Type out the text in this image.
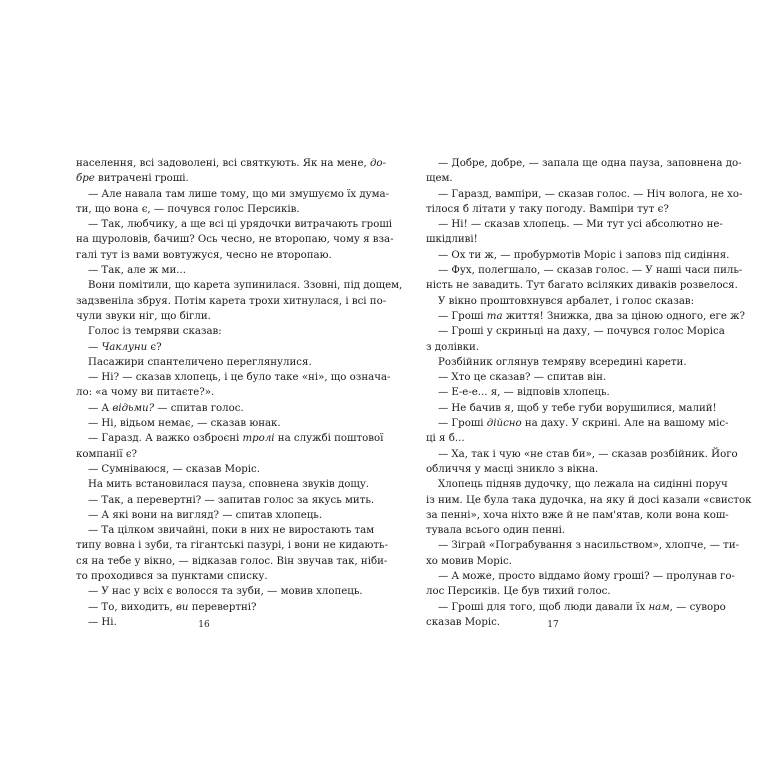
населення, всі задоволені, всі святкують. Як на мене, до-
бре витрачені гроші.
— Але навала там лише тому, що ми змушуємо їх дума-
ти, що вона є, — почувся голос Персиків.
— Так, любчику, а ще всі ці урядочки витрачають гроші
на щуроловів, бачиш? Ось чесно, не второпаю, чому я вза-
галі тут із вами вовтужуся, чесно не второпаю.
— Так, але ж ми...
Вони помітили, що карета зупинилася. Ззовні, під дощем,
задзвеніла збруя. Потім карета трохи хитнулася, і всі по-
чули звуки ніг, що бігли.
Голос із темряви сказав:
— Чаклуни є?
Пасажири спантеличено переглянулися.
— Ні? — сказав хлопець, і це було таке «ні», що означа-
ло: «а чому ви питаєте?».
— А відьми? — спитав голос.
— Ні, відьом немає, — сказав юнак.
— Гаразд. А важко озброєні тролі на службі поштової
компанії є?
— Сумніваюся, — сказав Моріс.
На мить встановилася пауза, сповнена звуків дощу.
— Так, а перевертні? — запитав голос за якусь мить.
— А які вони на вигляд? — спитав хлопець.
— Та цілком звичайні, поки в них не виростають там
типу вовна і зуби, та гігантські пазурі, і вони не кидають-
ся на тебе у вікно, — відказав голос. Він звучав так, ніби-
то проходився за пунктами списку.
— У нас у всіх є волосся та зуби, — мовив хлопець.
— То, виходить, ви перевертні?
— Ні.	16
— Добре, добре, — запала ще одна пауза, заповнена до-
щем.
— Гаразд, вампіри, — сказав голос. — Ніч волога, не хо-
тілося б літати у таку погоду. Вампіри тут є?
— Ні! — сказав хлопець. — Ми тут усі абсолютно не-
шкідливі!
— Ох ти ж, — пробурмотів Моріс і заповз під сидіння.
— Фух, полегшало, — сказав голос. — У наші часи пиль-
ність не завадить. Тут багато всіляких диваків розвелося.
У вікно проштовхнувся арбалет, і голос сказав:
— Гроші та життя! Знижка, два за ціною одного, еге ж?
— Гроші у скриньці на даху, — почувся голос Моріса
з долівки.
Розбійник оглянув темряву всередині карети.
— Хто це сказав? — спитав він.
— Е-е-е... я, — відповів хлопець.
— Не бачив я, щоб у тебе губи ворушилися, малий!
— Гроші дійсно на даху. У скрині. Але на вашому міс-
ці я б...
— Ха, так і чую «не став би», — сказав розбійник. Його
обличчя у масці зникло з вікна.
Хлопець підняв дудочку, що лежала на сидінні поруч
із ним. Це була така дудочка, на яку й досі казали «свисток
за пенні», хоча ніхто вже й не пам'ятав, коли вона кош-
тувала всього один пенні.
— Зіграй «Пограбування з насильством», хлопче, — ти-
хо мовив Моріс.
— А може, просто віддамо йому гроші? — пролунав го-
лос Персиків. Це був тихий голос.
— Гроші для того, щоб люди давали їх нам, — суворо
сказав Моріс.	17
